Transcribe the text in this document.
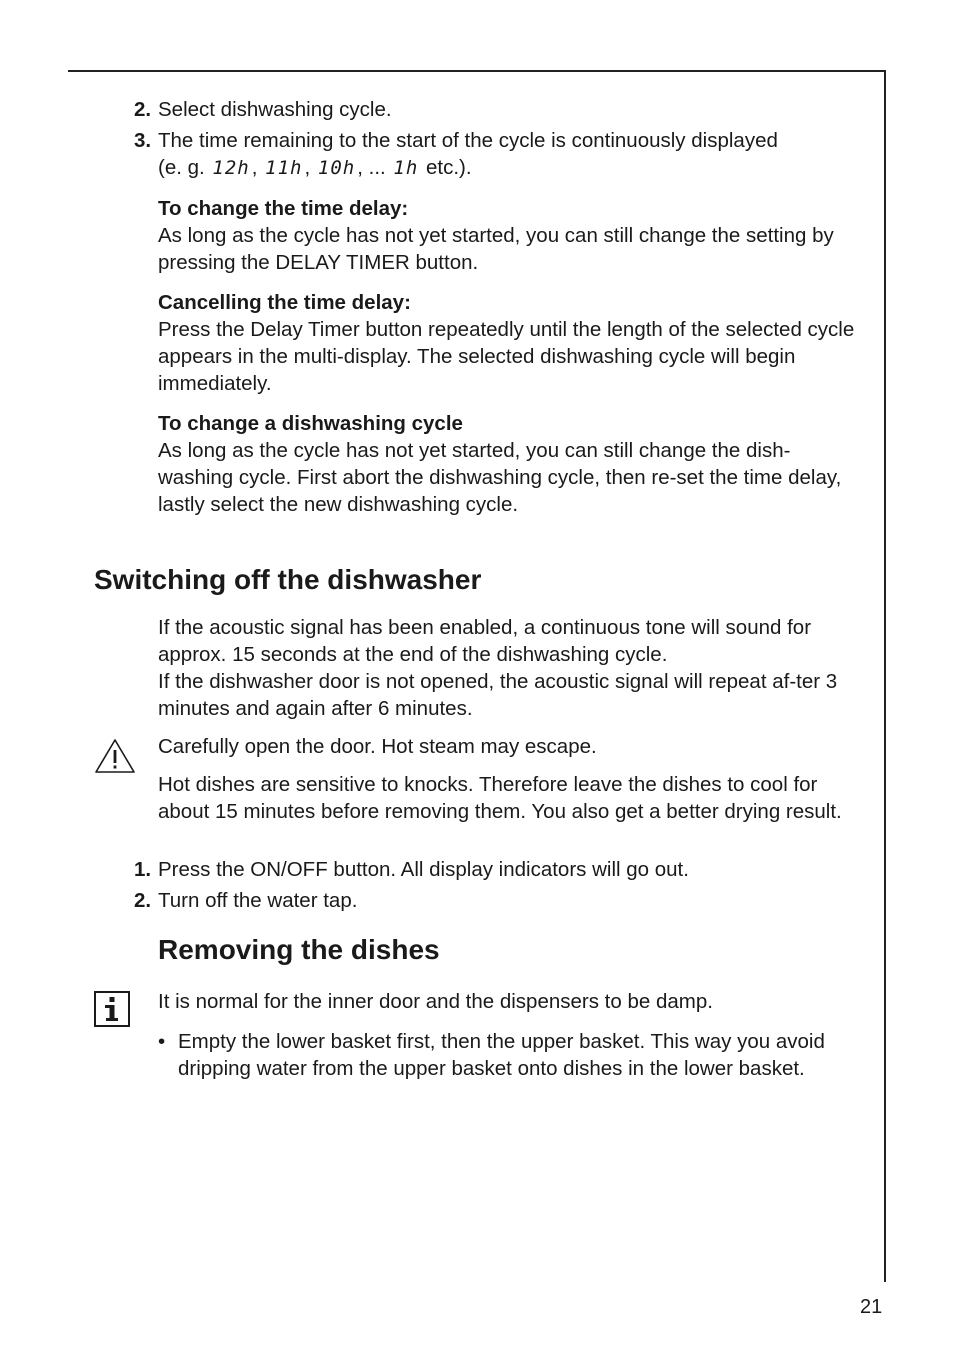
2. Select dishwashing cycle.
3. The time remaining to the start of the cycle is continuously displayed
(e. g. 12h, 11h, 10h, ... 1h etc.).
To change the time delay:

As long as the cycle has not yet started, you can still change the setting by pressing the DELAY TIMER button.

Cancelling the time delay:

Press the Delay Timer button repeatedly until the length of the selected cycle appears in the multi-display. The selected dishwashing cycle will begin immediately.

To change a dishwashing cycle

As long as the cycle has not yet started, you can still change the dish-washing cycle. First abort the dishwashing cycle, then re-set the time delay, lastly select the new dishwashing cycle.

Switching off the dishwasher

If the acoustic signal has been enabled, a continuous tone will sound for approx. 15 seconds at the end of the dishwashing cycle.

If the dishwasher door is not opened, the acoustic signal will repeat af-ter 3 minutes and again after 6 minutes.

Carefully open the door. Hot steam may escape.
Hot dishes are sensitive to knocks. Therefore leave the dishes to cool for about 15 minutes before removing them. You also get a better drying result.
1. Press the ON/OFF button. All display indicators will go out.
2. Turn off the water tap.
Removing the dishes
It is normal for the inner door and the dispensers to be damp.
• Empty the lower basket first, then the upper basket. This way you avoid dripping water from the upper basket onto dishes in the lower basket.
21
